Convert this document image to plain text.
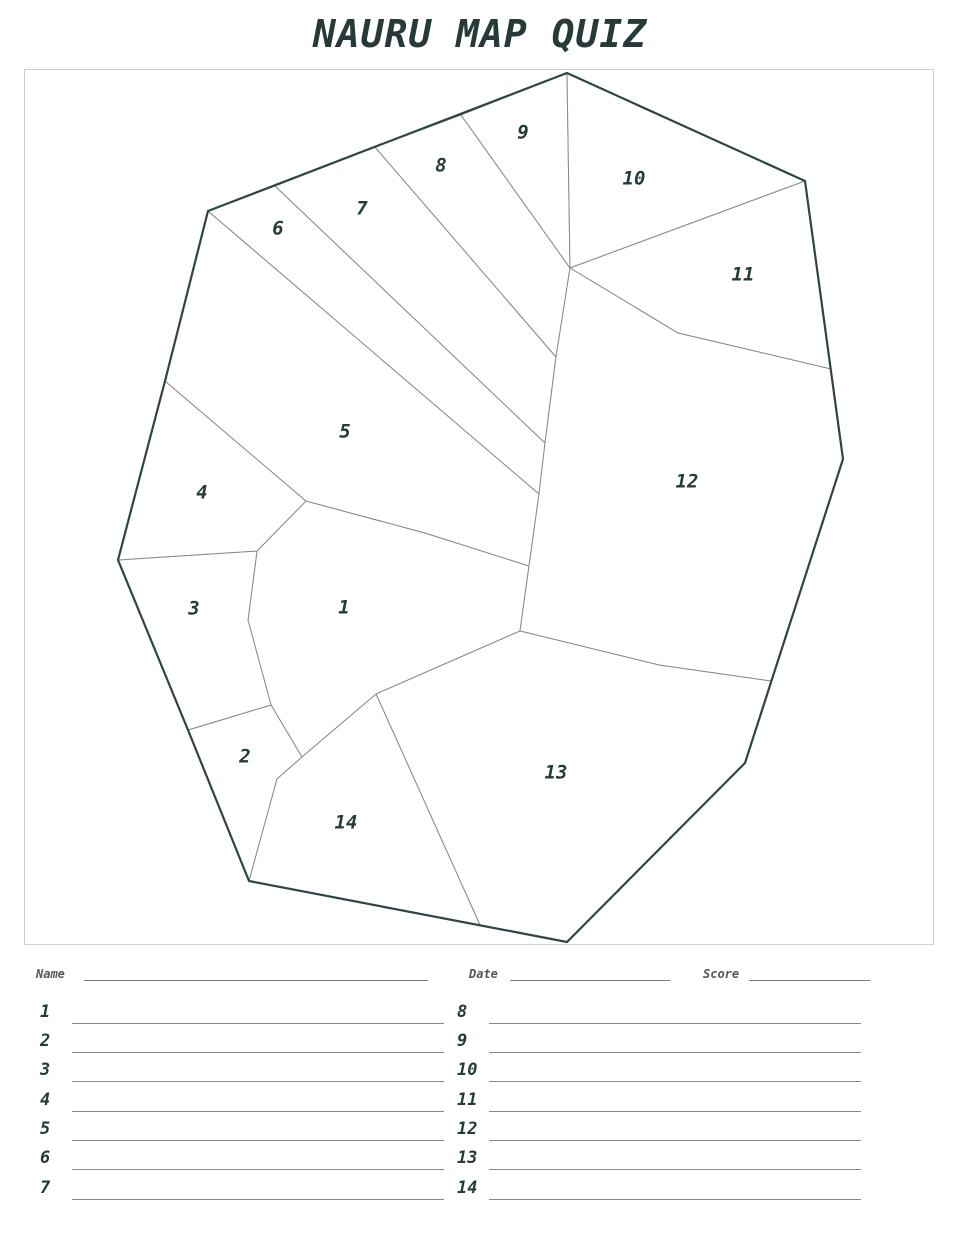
NAURU MAP QUIZ
1
2
3
4
5
6
7
8
9
10
11
12
13
14
Name	Date	Score
1
2
3
4
5
6
7
8
9
10
11
12
13
14
